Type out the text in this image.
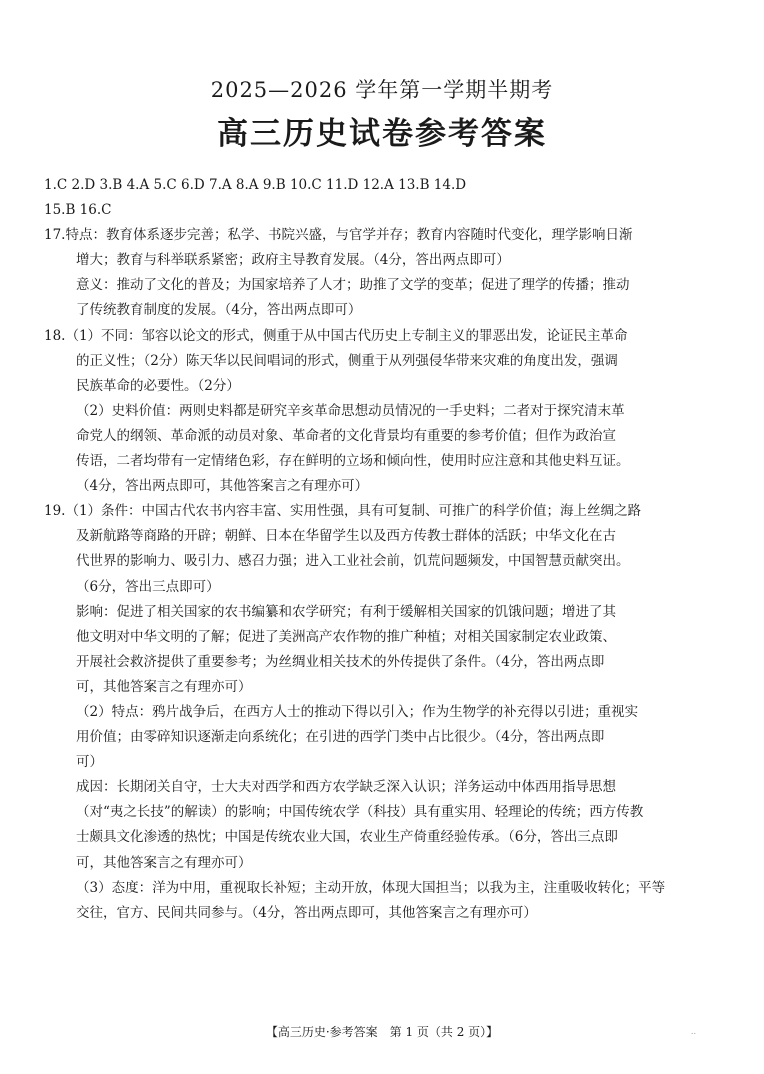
2025—2026 学年第一学期半期考
高三历史试卷参考答案
1.C 2.D 3.B 4.A 5.C 6.D 7.A 8.A 9.B 10.C 11.D 12.A 13.B 14.D
15.B 16.C
17.特点：教育体系逐步完善；私学、书院兴盛，与官学并存；教育内容随时代变化，理学影响日渐
增大；教育与科举联系紧密；政府主导教育发展。（4分，答出两点即可）
意义：推动了文化的普及；为国家培养了人才；助推了文学的变革；促进了理学的传播；推动
了传统教育制度的发展。（4分，答出两点即可）
18.（1）不同：邹容以论文的形式，侧重于从中国古代历史上专制主义的罪恶出发，论证民主革命
的正义性；（2分）陈天华以民间唱词的形式，侧重于从列强侵华带来灾难的角度出发，强调
民族革命的必要性。（2分）
（2）史料价值：两则史料都是研究辛亥革命思想动员情况的一手史料；二者对于探究清末革
命党人的纲领、革命派的动员对象、革命者的文化背景均有重要的参考价值；但作为政治宣
传语，二者均带有一定情绪色彩，存在鲜明的立场和倾向性，使用时应注意和其他史料互证。
（4分，答出两点即可，其他答案言之有理亦可）
19.（1）条件：中国古代农书内容丰富、实用性强，具有可复制、可推广的科学价值；海上丝绸之路
及新航路等商路的开辟；朝鲜、日本在华留学生以及西方传教士群体的活跃；中华文化在古
代世界的影响力、吸引力、感召力强；进入工业社会前，饥荒问题频发，中国智慧贡献突出。
（6分，答出三点即可）
影响：促进了相关国家的农书编纂和农学研究；有利于缓解相关国家的饥饿问题；增进了其
他文明对中华文明的了解；促进了美洲高产农作物的推广种植；对相关国家制定农业政策、
开展社会救济提供了重要参考；为丝绸业相关技术的外传提供了条件。（4分，答出两点即
可，其他答案言之有理亦可）
（2）特点：鸦片战争后，在西方人士的推动下得以引入；作为生物学的补充得以引进；重视实
用价值；由零碎知识逐渐走向系统化；在引进的西学门类中占比很少。（4分，答出两点即
可）
成因：长期闭关自守，士大夫对西学和西方农学缺乏深入认识；洋务运动中体西用指导思想
（对“夷之长技”的解读）的影响；中国传统农学（科技）具有重实用、轻理论的传统；西方传教
士颇具文化渗透的热忱；中国是传统农业大国，农业生产倚重经验传承。（6分，答出三点即
可，其他答案言之有理亦可）
（3）态度：洋为中用，重视取长补短；主动开放，体现大国担当；以我为主，注重吸收转化；平等
交往，官方、民间共同参与。（4分，答出两点即可，其他答案言之有理亦可）
【高三历史·参考答案　第 1 页（共 2 页）】	..
